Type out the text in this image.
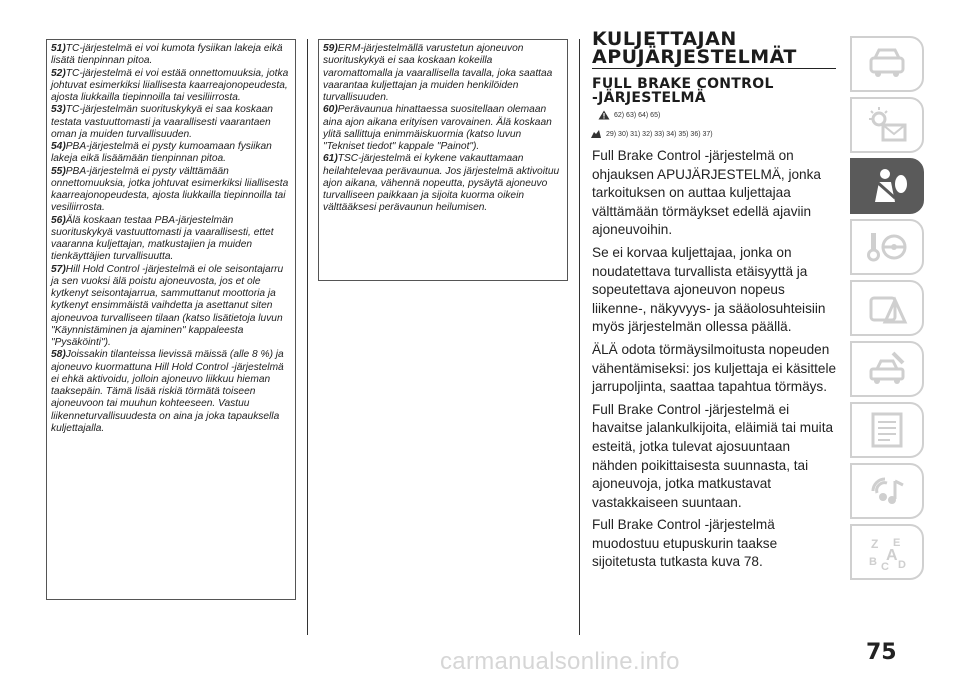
51)TC-järjestelmä ei voi kumota fysiikan lakeja eikä lisätä tienpinnan pitoa.

52)TC-järjestelmä ei voi estää onnettomuuksia, jotka johtuvat esimerkiksi liiallisesta kaarreajonopeudesta, ajosta liukkailla tiepinnoilla tai vesiliirrosta.

53)TC-järjestelmän suorituskykyä ei saa koskaan testata vastuuttomasti ja vaarallisesti vaarantaen oman ja muiden turvallisuuden.

54)PBA-järjestelmä ei pysty kumoamaan fysiikan lakeja eikä lisäämään tienpinnan pitoa.

55)PBA-järjestelmä ei pysty välttämään onnettomuuksia, jotka johtuvat esimerkiksi liiallisesta kaarreajonopeudesta, ajosta liukkailla tiepinnoilla tai vesiliirrosta.

56)Älä koskaan testaa PBA-järjestelmän suorituskykyä vastuuttomasti ja vaarallisesti, ettet vaaranna kuljettajan, matkustajien ja muiden tienkäyttäjien turvallisuutta.

57)Hill Hold Control -järjestelmä ei ole seisontajarru ja sen vuoksi älä poistu ajoneuvosta, jos et ole kytkenyt seisontajarrua, sammuttanut moottoria ja kytkenyt ensimmäistä vaihdetta ja asettanut siten ajoneuvoa turvalliseen tilaan (katso lisätietoja luvun "Käynnistäminen ja ajaminen" kappaleesta "Pysäköinti").

58)Joissakin tilanteissa lievissä mäissä (alle 8 %) ja ajoneuvo kuormattuna Hill Hold Control -järjestelmä ei ehkä aktivoidu, jolloin ajoneuvo liikkuu hieman taaksepäin. Tämä lisää riskiä törmätä toiseen ajoneuvoon tai muuhun kohteeseen. Vastuu liikenneturvallisuudesta on aina ja joka tapauksella kuljettajalla.

59)ERM-järjestelmällä varustetun ajoneuvon suorituskykyä ei saa koskaan kokeilla varomattomalla ja vaarallisella tavalla, joka saattaa vaarantaa kuljettajan ja muiden henkilöiden turvallisuuden.

60)Perävaunua hinattaessa suositellaan olemaan aina ajon aikana erityisen varovainen. Älä koskaan ylitä sallittuja enimmäiskuormia (katso luvun "Tekniset tiedot" kappale "Painot").

61)TSC-järjestelmä ei kykene vakauttamaan heilahtelevaa perävaunua. Jos järjestelmä aktivoituu ajon aikana, vähennä nopeutta, pysäytä ajoneuvo turvalliseen paikkaan ja sijoita kuorma oikein välttääksesi perävaunun heilumisen.

KULJETTAJAN
APUJÄRJESTELMÄT
FULL BRAKE CONTROL
-JÄRJESTELMÄ
62) 63) 64) 65)
29) 30) 31) 32) 33) 34) 35) 36) 37)

Full Brake Control -järjestelmä on ohjauksen APUJÄRJESTELMÄ, jonka tarkoituksen on auttaa kuljettajaa välttämään törmäykset edellä ajaviin ajoneuvoihin.

Se ei korvaa kuljettajaa, jonka on noudatettava turvallista etäisyyttä ja sopeutettava ajoneuvon nopeus liikenne-, näkyvyys- ja sääolosuhteisiin myös järjestelmän ollessa päällä.

ÄLÄ odota törmäysilmoitusta nopeuden vähentämiseksi: jos kuljettaja ei käsittele jarrupoljinta, saattaa tapahtua törmäys.

Full Brake Control -järjestelmä ei havaitse jalankulkijoita, eläimiä tai muita esteitä, jotka tulevat ajosuuntaan nähden poikittaisesta suunnasta, tai ajoneuvoja, jotka matkustavat vastakkaiseen suuntaan.

Full Brake Control -järjestelmä muodostuu etupuskurin taakse sijoitetusta tutkasta kuva 78.

Z E
B C
A
D
75
carmanualsonline.info
